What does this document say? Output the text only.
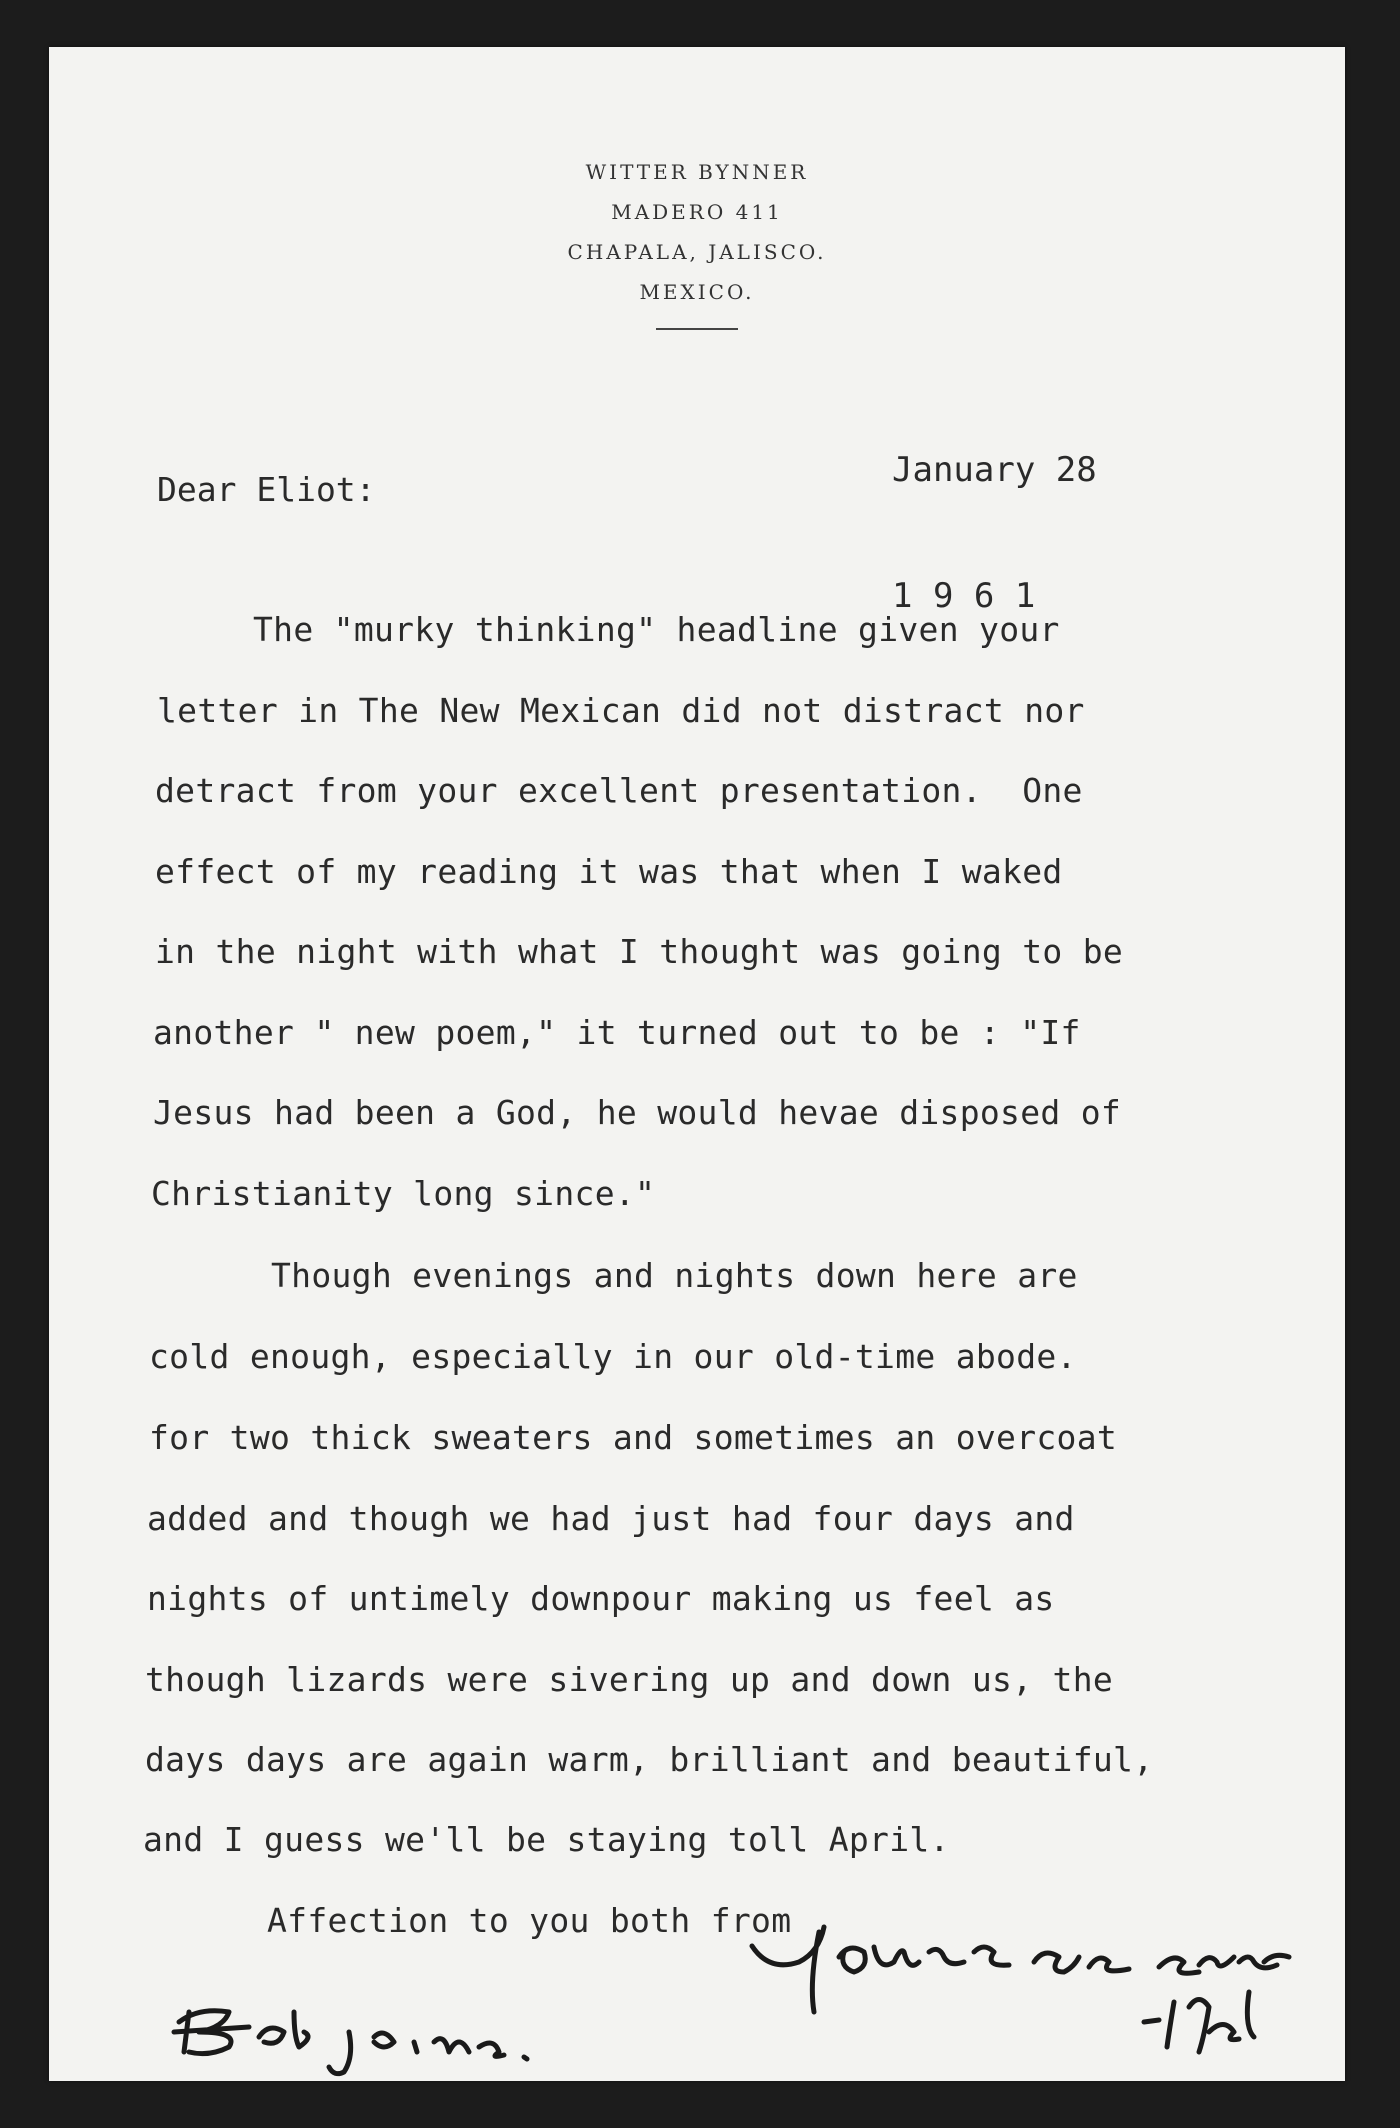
WITTER BYNNER
MADERO 411
CHAPALA, JALISCO.
MEXICO.

January 28

1 9 6 1

Dear Eliot:
The "murky thinking" headline given your
letter in The New Mexican did not distract nor
detract from your excellent presentation.  One
effect of my reading it was that when I waked
in the night with what I thought was going to be
another " new poem," it turned out to be : "If
Jesus had been a God, he would hevae disposed of
Christianity long since."
Though evenings and nights down here are
cold enough, especially in our old-time abode.
for two thick sweaters and sometimes an overcoat
added and though we had just had four days and
nights of untimely downpour making us feel as
though lizards were sivering up and down us, the
days days are again warm, brilliant and beautiful,
and I guess we'll be staying toll April.
Affection to you both from
